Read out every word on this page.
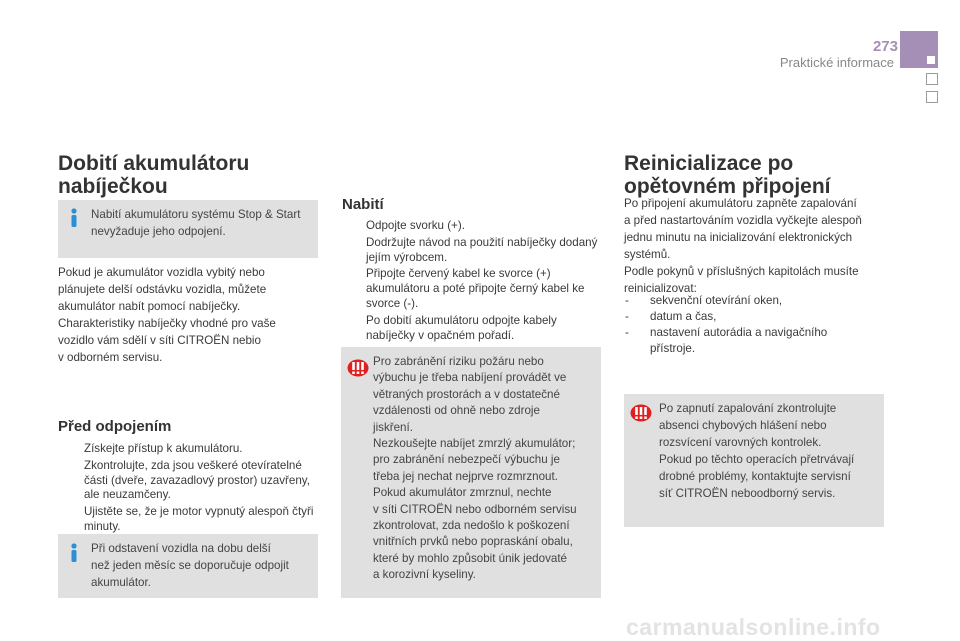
273
Praktické informace
Dobití akumulátoru
nabíječkou
Nabití akumulátoru systému Stop & Start nevyžaduje jeho odpojení.
Pokud je akumulátor vozidla vybitý nebo
plánujete delší odstávku vozidla, můžete
akumulátor nabít pomocí nabíječky.
Charakteristiky nabíječky vhodné pro vaše
vozidlo vám sdělí v síti CITROËN nebio
v odborném servisu.
Před odpojením
Získejte přístup k akumulátoru.
Zkontrolujte, zda jsou veškeré otevíratelné části (dveře, zavazadlový prostor) uzavřeny, ale neuzamčeny.
Ujistěte se, že je motor vypnutý alespoň čtyři minuty.
Při odstavení vozidla na dobu delší
než jeden měsíc se doporučuje odpojit
akumulátor.
Nabití
Odpojte svorku (+).
Dodržujte návod na použití nabíječky dodaný jejím výrobcem.
Připojte červený kabel ke svorce (+) akumulátoru a poté připojte černý kabel ke svorce (-).
Po dobití akumulátoru odpojte kabely nabíječky v opačném pořadí.
Pro zabránění riziku požáru nebo
výbuchu je třeba nabíjení provádět ve
větraných prostorách a v dostatečné
vzdálenosti od ohně nebo zdroje
jiskření.
Nezkoušejte nabíjet zmrzlý akumulátor;
pro zabránění nebezpečí výbuchu je
třeba jej nechat nejprve rozmrznout.
Pokud akumulátor zmrznul, nechte
v síti CITROËN nebo odborném servisu
zkontrolovat, zda nedošlo k poškození
vnitřních prvků nebo popraskání obalu,
které by mohlo způsobit únik jedovaté
a korozivní kyseliny.
Reinicializace po
opětovném připojení
Po připojení akumulátoru zapněte zapalování
a před nastartováním vozidla vyčkejte alespoň
jednu minutu na inicializování elektronických
systémů.
Podle pokynů v příslušných kapitolách musíte
reinicializovat:
- sekvenční otevírání oken,
- datum a čas,
- nastavení autorádia a navigačního přístroje.
Po zapnutí zapalování zkontrolujte
absenci chybových hlášení nebo
rozsvícení varovných kontrolek.
Pokud po těchto operacích přetrvávají
drobné problémy, kontaktujte servisní
síť CITROËN neboodborný servis.
carmanualsonline.info
